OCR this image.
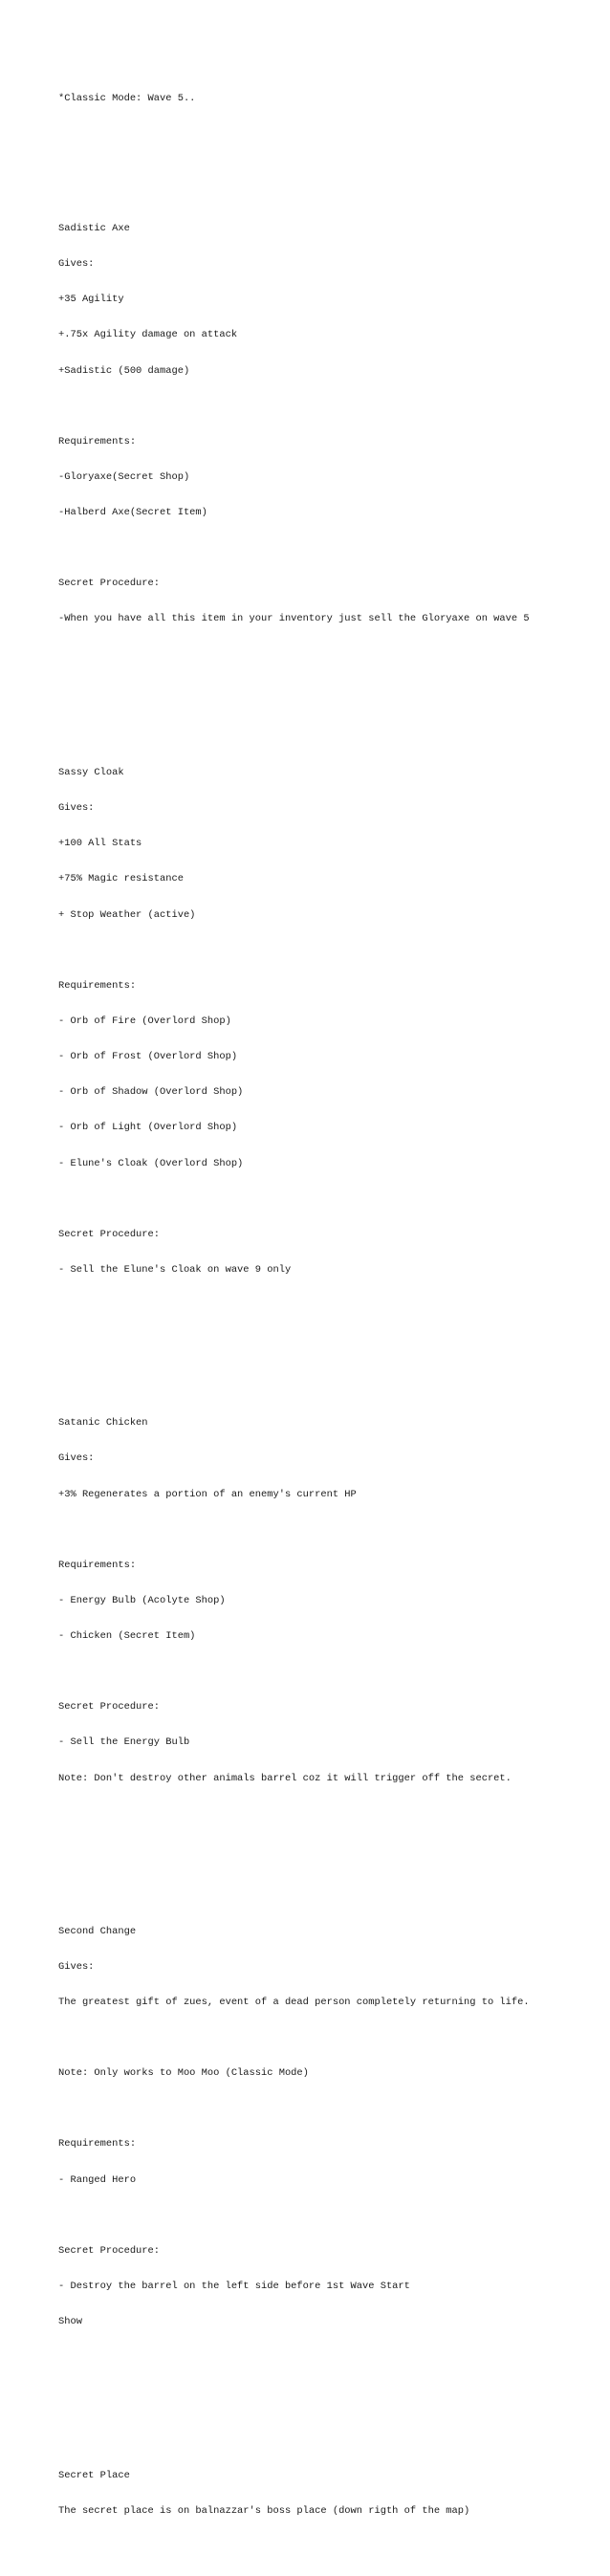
*Classic Mode: Wave 5..

Sadistic Axe

Gives:

+35 Agility

+.75x Agility damage on attack

+Sadistic (500 damage)

Requirements:

-Gloryaxe(Secret Shop)

-Halberd Axe(Secret Item)

Secret Procedure:

-When you have all this item in your inventory just sell the Gloryaxe on wave 5

Sassy Cloak

Gives:

+100 All Stats

+75% Magic resistance

+ Stop Weather (active)

Requirements:

- Orb of Fire (Overlord Shop)

- Orb of Frost (Overlord Shop)

- Orb of Shadow (Overlord Shop)

- Orb of Light (Overlord Shop)

- Elune's Cloak (Overlord Shop)

Secret Procedure:

- Sell the Elune's Cloak on wave 9 only

Satanic Chicken

Gives:

+3% Regenerates a portion of an enemy's current HP

Requirements:

- Energy Bulb (Acolyte Shop)

- Chicken (Secret Item)

Secret Procedure:

- Sell the Energy Bulb

Note: Don't destroy other animals barrel coz it will trigger off the secret.

Second Change

Gives:

The greatest gift of zues, event of a dead person completely returning to life.

Note: Only works to Moo Moo (Classic Mode)

Requirements:

- Ranged Hero

Secret Procedure:

- Destroy the barrel on the left side before 1st Wave Start

Show

Secret Place

The secret place is on balnazzar's boss place (down rigth of the map)
